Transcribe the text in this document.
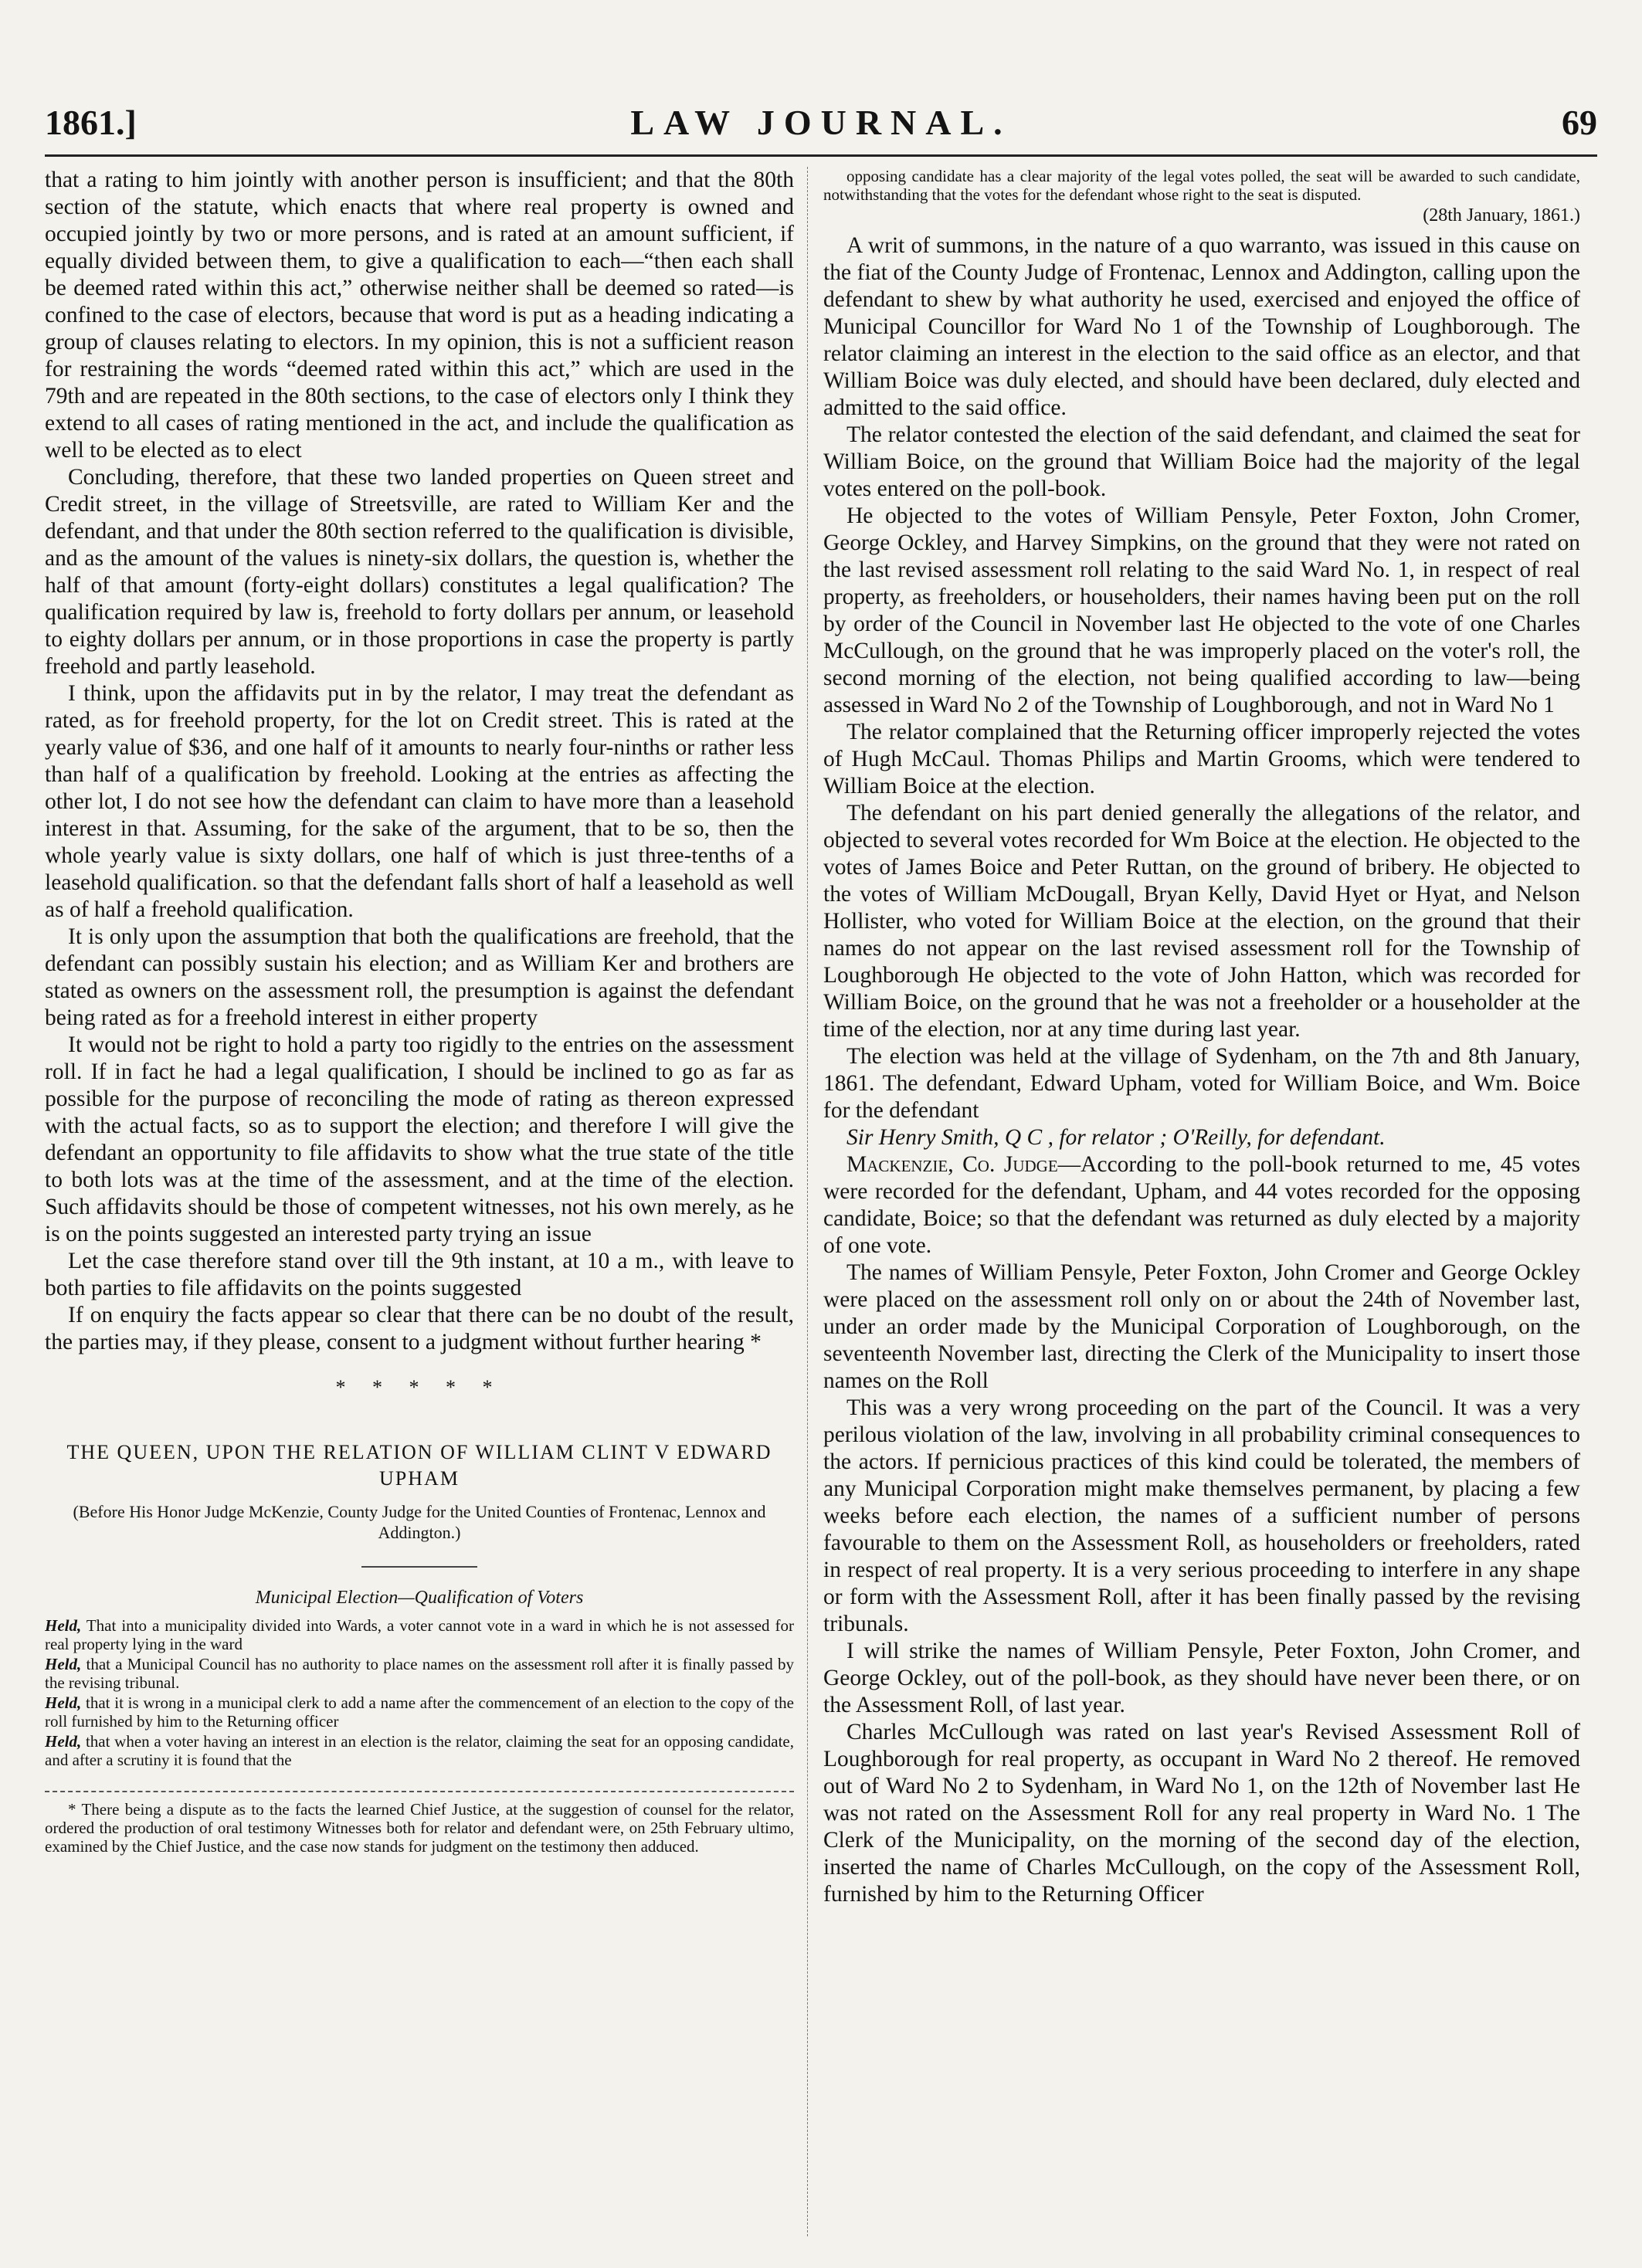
1861.]	LAW JOURNAL.	69

that a rating to him jointly with another person is insufficient; and that the 80th section of the statute, which enacts that where real property is owned and occupied jointly by two or more persons, and is rated at an amount sufficient, if equally divided between them, to give a qualification to each—“then each shall be deemed rated within this act,” otherwise neither shall be deemed so rated—is confined to the case of electors, because that word is put as a heading indicating a group of clauses relating to electors. In my opinion, this is not a sufficient reason for restraining the words “deemed rated within this act,” which are used in the 79th and are repeated in the 80th sections, to the case of electors only I think they extend to all cases of rating mentioned in the act, and include the qualification as well to be elected as to elect

Concluding, therefore, that these two landed properties on Queen street and Credit street, in the village of Streetsville, are rated to William Ker and the defendant, and that under the 80th section referred to the qualification is divisible, and as the amount of the values is ninety-six dollars, the question is, whether the half of that amount (forty-eight dollars) constitutes a legal qualification? The qualification required by law is, freehold to forty dollars per annum, or leasehold to eighty dollars per annum, or in those proportions in case the property is partly freehold and partly leasehold.

I think, upon the affidavits put in by the relator, I may treat the defendant as rated, as for freehold property, for the lot on Credit street. This is rated at the yearly value of $36, and one half of it amounts to nearly four-ninths or rather less than half of a qualification by freehold. Looking at the entries as affecting the other lot, I do not see how the defendant can claim to have more than a leasehold interest in that. Assuming, for the sake of the argument, that to be so, then the whole yearly value is sixty dollars, one half of which is just three-tenths of a leasehold qualification. so that the defendant falls short of half a leasehold as well as of half a freehold qualification.

It is only upon the assumption that both the qualifications are freehold, that the defendant can possibly sustain his election; and as William Ker and brothers are stated as owners on the assessment roll, the presumption is against the defendant being rated as for a freehold interest in either property

It would not be right to hold a party too rigidly to the entries on the assessment roll. If in fact he had a legal qualification, I should be inclined to go as far as possible for the purpose of reconciling the mode of rating as thereon expressed with the actual facts, so as to support the election; and therefore I will give the defendant an opportunity to file affidavits to show what the true state of the title to both lots was at the time of the assessment, and at the time of the election. Such affidavits should be those of competent witnesses, not his own merely, as he is on the points suggested an interested party trying an issue

Let the case therefore stand over till the 9th instant, at 10 a m., with leave to both parties to file affidavits on the points suggested

If on enquiry the facts appear so clear that there can be no doubt of the result, the parties may, if they please, consent to a judgment without further hearing *

* * * * *
THE QUEEN, UPON THE RELATION OF WILLIAM CLINT V EDWARD UPHAM
(Before His Honor Judge McKenzie, County Judge for the United Counties of Frontenac, Lennox and Addington.)
Municipal Election—Qualification of Voters

Held, That into a municipality divided into Wards, a voter cannot vote in a ward in which he is not assessed for real property lying in the ward

Held, that a Municipal Council has no authority to place names on the assessment roll after it is finally passed by the revising tribunal.

Held, that it is wrong in a municipal clerk to add a name after the commencement of an election to the copy of the roll furnished by him to the Returning officer

Held, that when a voter having an interest in an election is the relator, claiming the seat for an opposing candidate, and after a scrutiny it is found that the

* There being a dispute as to the facts the learned Chief Justice, at the suggestion of counsel for the relator, ordered the production of oral testimony Witnesses both for relator and defendant were, on 25th February ultimo, examined by the Chief Justice, and the case now stands for judgment on the testimony then adduced.

opposing candidate has a clear majority of the legal votes polled, the seat will be awarded to such candidate, notwithstanding that the votes for the defendant whose right to the seat is disputed.

(28th January, 1861.)

A writ of summons, in the nature of a quo warranto, was issued in this cause on the fiat of the County Judge of Frontenac, Lennox and Addington, calling upon the defendant to shew by what authority he used, exercised and enjoyed the office of Municipal Councillor for Ward No 1 of the Township of Loughborough. The relator claiming an interest in the election to the said office as an elector, and that William Boice was duly elected, and should have been declared, duly elected and admitted to the said office.

The relator contested the election of the said defendant, and claimed the seat for William Boice, on the ground that William Boice had the majority of the legal votes entered on the poll-book.

He objected to the votes of William Pensyle, Peter Foxton, John Cromer, George Ockley, and Harvey Simpkins, on the ground that they were not rated on the last revised assessment roll relating to the said Ward No. 1, in respect of real property, as freeholders, or householders, their names having been put on the roll by order of the Council in November last He objected to the vote of one Charles McCullough, on the ground that he was improperly placed on the voter's roll, the second morning of the election, not being qualified according to law—being assessed in Ward No 2 of the Township of Loughborough, and not in Ward No 1

The relator complained that the Returning officer improperly rejected the votes of Hugh McCaul. Thomas Philips and Martin Grooms, which were tendered to William Boice at the election.

The defendant on his part denied generally the allegations of the relator, and objected to several votes recorded for Wm Boice at the election. He objected to the votes of James Boice and Peter Ruttan, on the ground of bribery. He objected to the votes of William McDougall, Bryan Kelly, David Hyet or Hyat, and Nelson Hollister, who voted for William Boice at the election, on the ground that their names do not appear on the last revised assessment roll for the Township of Loughborough He objected to the vote of John Hatton, which was recorded for William Boice, on the ground that he was not a freeholder or a householder at the time of the election, nor at any time during last year.

The election was held at the village of Sydenham, on the 7th and 8th January, 1861. The defendant, Edward Upham, voted for William Boice, and Wm. Boice for the defendant

Sir Henry Smith, Q C , for relator ; O'Reilly, for defendant.

Mackenzie, Co. Judge—According to the poll-book returned to me, 45 votes were recorded for the defendant, Upham, and 44 votes recorded for the opposing candidate, Boice; so that the defendant was returned as duly elected by a majority of one vote.

The names of William Pensyle, Peter Foxton, John Cromer and George Ockley were placed on the assessment roll only on or about the 24th of November last, under an order made by the Municipal Corporation of Loughborough, on the seventeenth November last, directing the Clerk of the Municipality to insert those names on the Roll

This was a very wrong proceeding on the part of the Council. It was a very perilous violation of the law, involving in all probability criminal consequences to the actors. If pernicious practices of this kind could be tolerated, the members of any Municipal Corporation might make themselves permanent, by placing a few weeks before each election, the names of a sufficient number of persons favourable to them on the Assessment Roll, as householders or freeholders, rated in respect of real property. It is a very serious proceeding to interfere in any shape or form with the Assessment Roll, after it has been finally passed by the revising tribunals.

I will strike the names of William Pensyle, Peter Foxton, John Cromer, and George Ockley, out of the poll-book, as they should have never been there, or on the Assessment Roll, of last year.

Charles McCullough was rated on last year's Revised Assessment Roll of Loughborough for real property, as occupant in Ward No 2 thereof. He removed out of Ward No 2 to Sydenham, in Ward No 1, on the 12th of November last He was not rated on the Assessment Roll for any real property in Ward No. 1 The Clerk of the Municipality, on the morning of the second day of the election, inserted the name of Charles McCullough, on the copy of the Assessment Roll, furnished by him to the Returning Officer
